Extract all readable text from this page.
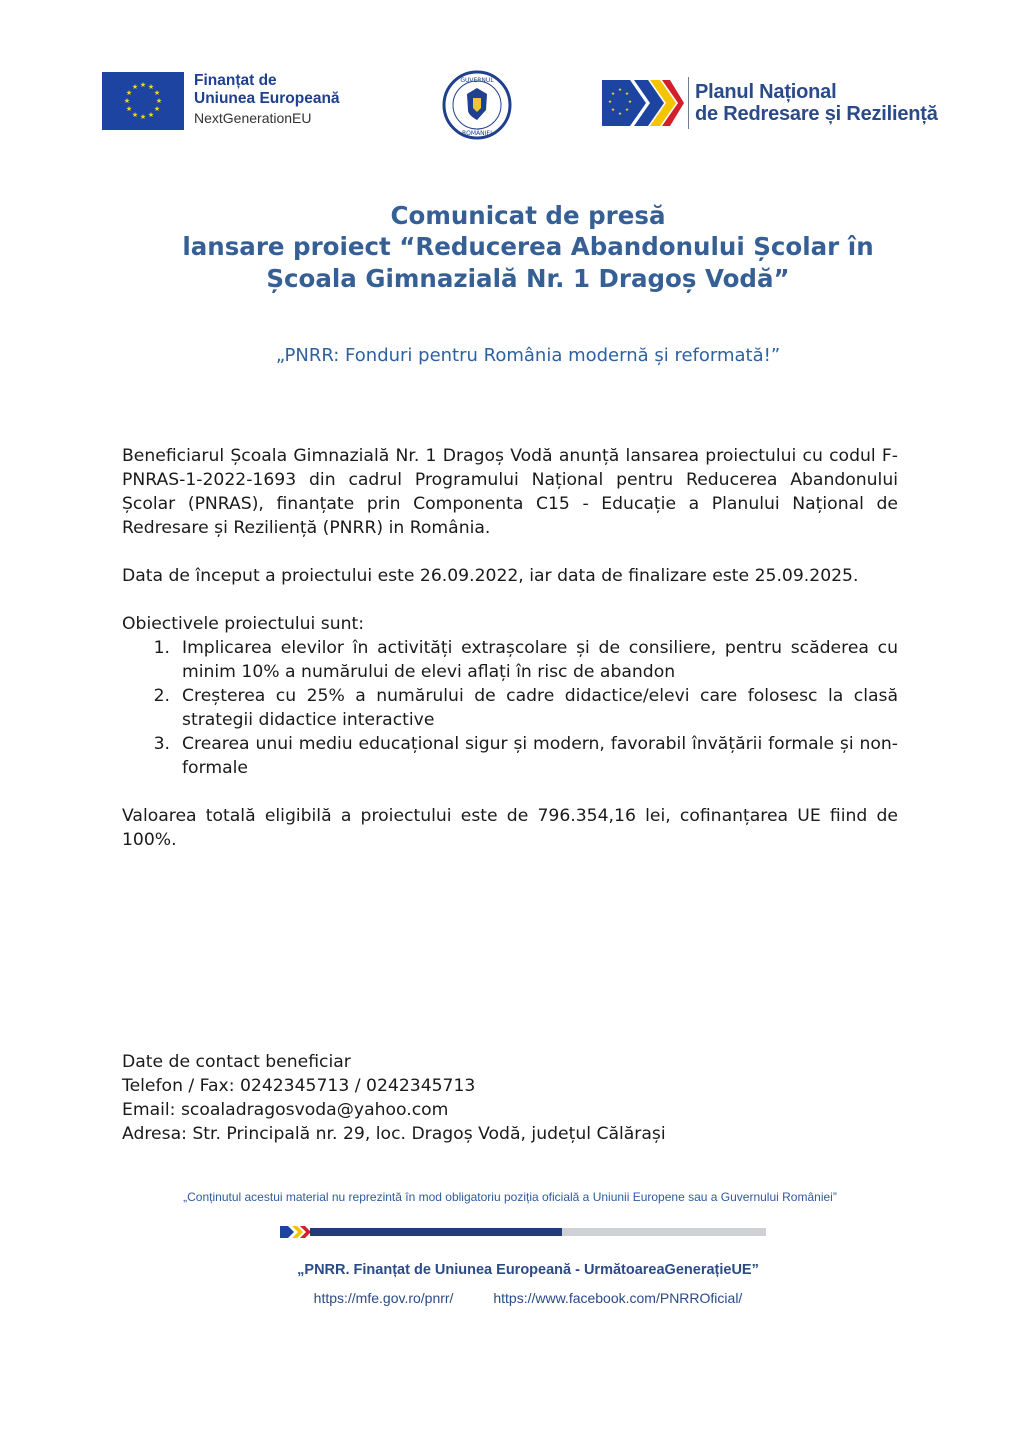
★ ★
★
★
★
★
★
★
★
★
★
★	Finanțat de
Uniunea Europeană
NextGenerationEU
GUVERNUL
ROMÂNIEI
★
★
★
★
★
★
★
★	Planul Național
de Redresare și Reziliență
Comunicat de presă
lansare proiect “Reducerea Abandonului Școlar în
Școala Gimnazială Nr. 1 Dragoș Vodă”
„PNRR: Fonduri pentru România modernă și reformată!”

Beneficiarul Școala Gimnazială Nr. 1 Dragoș Vodă anunță lansarea proiectului cu codul F-PNRAS-1-2022-1693 din cadrul Programului Național pentru Reducerea Abandonului Școlar (PNRAS), finanțate prin Componenta C15 - Educație a Planului Național de Redresare și Reziliență (PNRR) in România.

Data de început a proiectului este 26.09.2022, iar data de finalizare este 25.09.2025.

Obiectivele proiectului sunt:

1. Implicarea elevilor în activități extrașcolare și de consiliere, pentru scăderea cu minim 10% a numărului de elevi aflați în risc de abandon
2. Creșterea cu 25% a numărului de cadre didactice/elevi care folosesc la clasă strategii didactice interactive
3. Crearea unui mediu educațional sigur și modern, favorabil învățării formale și non-formale

Valoarea totală eligibilă a proiectului este de 796.354,16 lei, cofinanțarea UE fiind de 100%.

Date de contact beneficiar
Telefon / Fax: 0242345713 / 0242345713
Email: scoaladragosvoda@yahoo.com
Adresa: Str. Principală nr. 29, loc. Dragoș Vodă, județul Călărași
„Conținutul acestui material nu reprezintă în mod obligatoriu poziția oficială a Uniunii Europene sau a Guvernului României”
„PNRR. Finanțat de Uniunea Europeană - UrmătoareaGenerațieUE”
https://mfe.gov.ro/pnrr/	https://www.facebook.com/PNRROficial/
